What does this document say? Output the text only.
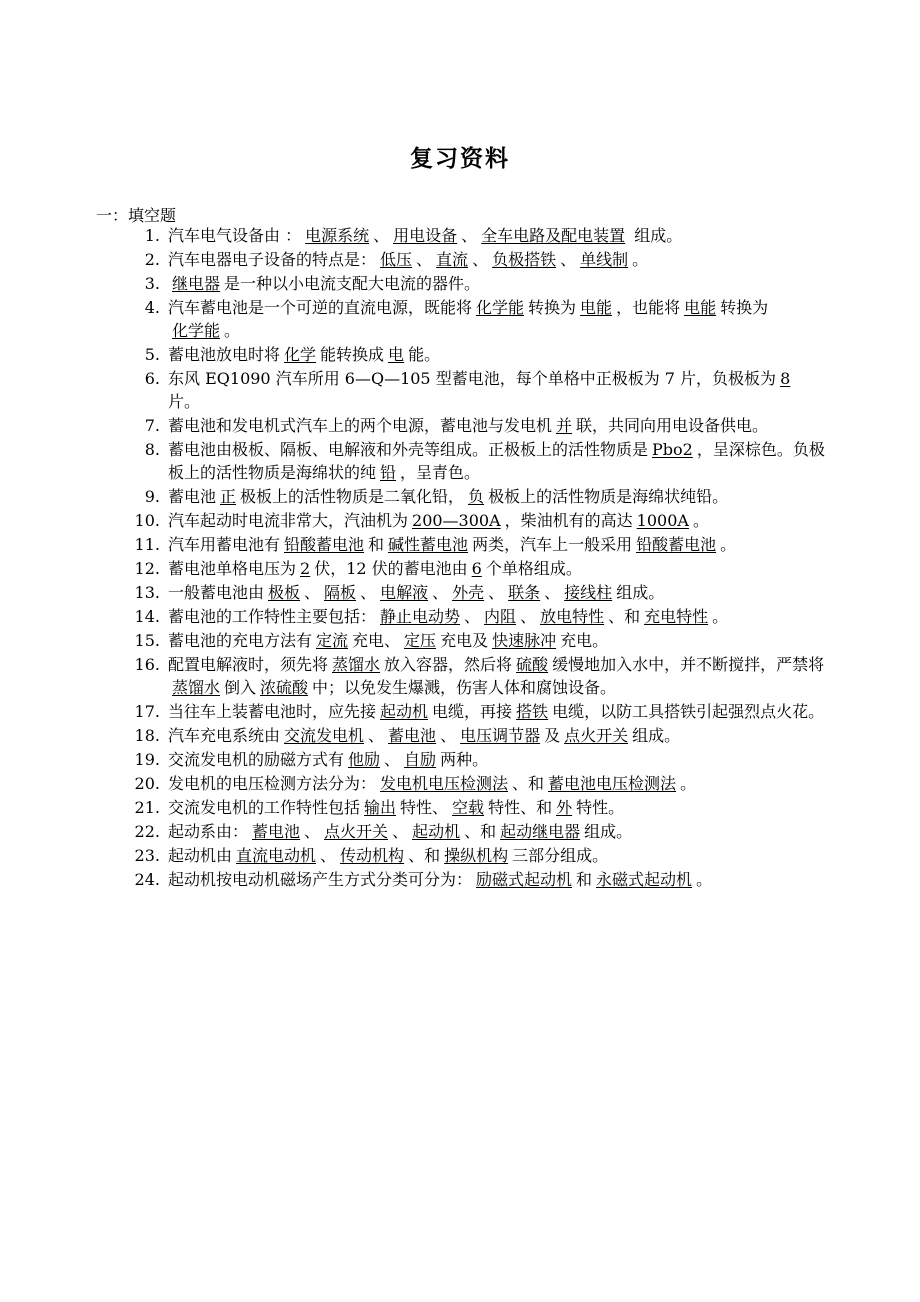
复习资料
一：填空题
1. 汽车电气设备由 ： 电源系统 、 用电设备 、 全车电路及配电装置 组成。
2. 汽车电器电子设备的特点是： 低压 、 直流 、 负极搭铁 、 单线制 。
3. 继电器 是一种以小电流支配大电流的器件。
4. 汽车蓄电池是一个可逆的直流电源，既能将 化学能 转换为 电能 ，也能将 电能 转换为化学能 。
5. 蓄电池放电时将 化学 能转换成 电 能。
6. 东风 EQ1090 汽车所用 6—Q—105 型蓄电池，每个单格中正极板为 7 片，负极板为 8片。
7. 蓄电池和发电机式汽车上的两个电源，蓄电池与发电机 并 联，共同向用电设备供电。
8. 蓄电池由极板、隔板、电解液和外壳等组成。正极板上的活性物质是 Pbo2 ，呈深棕色。负极板上的活性物质是海绵状的纯 铅 ，呈青色。
9. 蓄电池 正 极板上的活性物质是二氧化铅， 负 极板上的活性物质是海绵状纯铅。
10. 汽车起动时电流非常大，汽油机为 200—300A ，柴油机有的高达 1000A 。
11. 汽车用蓄电池有 铅酸蓄电池 和 碱性蓄电池 两类，汽车上一般采用 铅酸蓄电池 。
12. 蓄电池单格电压为 2 伏，12 伏的蓄电池由 6 个单格组成。
13. 一般蓄电池由 极板 、 隔板 、 电解液 、 外壳 、 联条 、 接线柱 组成。
14. 蓄电池的工作特性主要包括： 静止电动势 、 内阻 、 放电特性 、和 充电特性 。
15. 蓄电池的充电方法有 定流 充电、 定压 充电及 快速脉冲 充电。
16. 配置电解液时，须先将 蒸馏水 放入容器，然后将 硫酸 缓慢地加入水中，并不断搅拌，严禁将蒸馏水 倒入 浓硫酸 中；以免发生爆溅，伤害人体和腐蚀设备。
17. 当往车上装蓄电池时，应先接 起动机 电缆，再接 搭铁 电缆，以防工具搭铁引起强烈点火花。
18. 汽车充电系统由 交流发电机 、 蓄电池 、 电压调节器 及 点火开关 组成。
19. 交流发电机的励磁方式有 他励 、 自励 两种。
20. 发电机的电压检测方法分为： 发电机电压检测法 、和 蓄电池电压检测法 。
21. 交流发电机的工作特性包括 输出 特性、 空载 特性、和 外 特性。
22. 起动系由： 蓄电池 、 点火开关 、 起动机 、和 起动继电器 组成。
23. 起动机由 直流电动机 、 传动机构 、和 操纵机构 三部分组成。
24. 起动机按电动机磁场产生方式分类可分为： 励磁式起动机 和 永磁式起动机 。
